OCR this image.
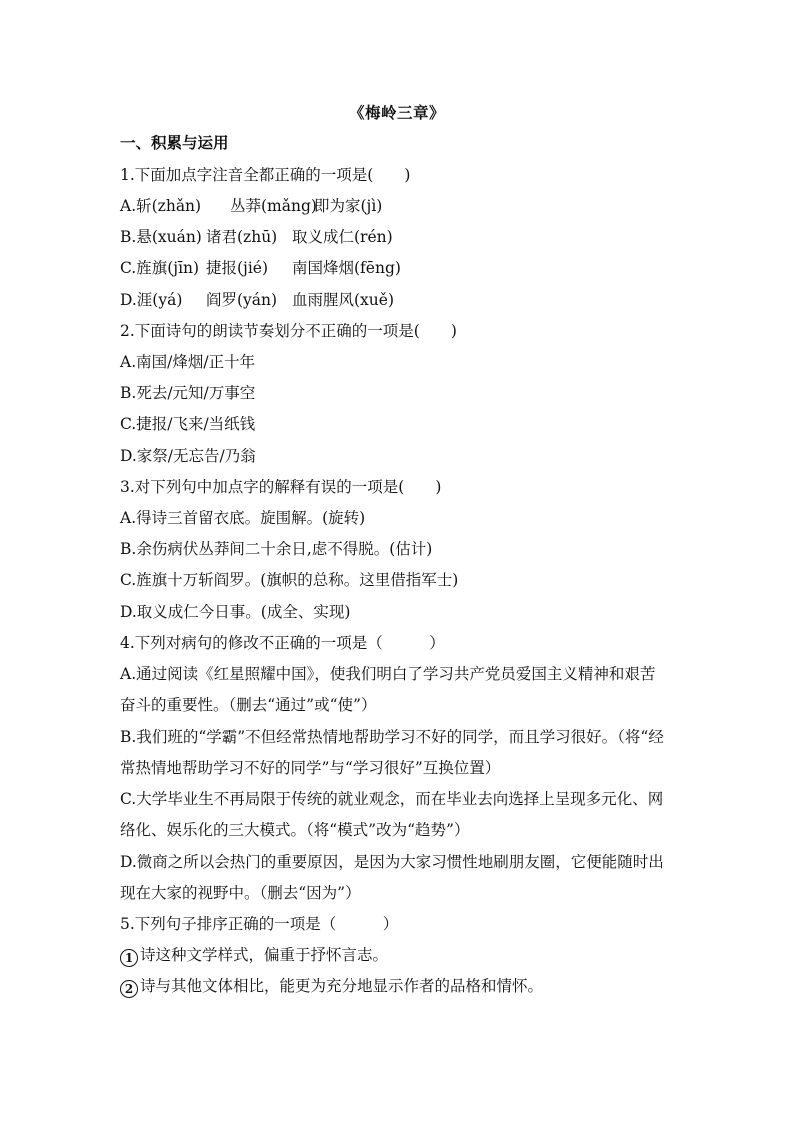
《梅岭三章》
一、积累与运用
1.下面加点字注音全都正确的一项是(　　)
A.斩(zhǎn) 丛莽(mǎng)即为家(jì)
B.悬(xuán) 诸君(zhū) 取义成仁(rén)
C.旌旗(jīn) 捷报(jié) 南国烽烟(fēng)
D.涯(yá) 阎罗(yán) 血雨腥风(xuě)
2.下面诗句的朗读节奏划分不正确的一项是(　　)
A.南国/烽烟/正十年
B.死去/元知/万事空
C.捷报/飞来/当纸钱
D.家祭/无忘告/乃翁
3.对下列句中加点字的解释有误的一项是(　　)
A.得诗三首留衣底。旋围解。(旋转)
B.余伤病伏丛莽间二十余日,虑不得脱。(估计)
C.旌旗十万斩阎罗。(旗帜的总称。这里借指军士)
D.取义成仁今日事。(成全、实现)
4.下列对病句的修改不正确的一项是（　　　）
A.通过阅读《红星照耀中国》，使我们明白了学习共产党员爱国主义精神和艰苦
奋斗的重要性。（删去“通过”或“使”）
B.我们班的“学霸”不但经常热情地帮助学习不好的同学，而且学习很好。（将“经
常热情地帮助学习不好的同学”与“学习很好”互换位置）
C.大学毕业生不再局限于传统的就业观念，而在毕业去向选择上呈现多元化、网
络化、娱乐化的三大模式。（将“模式”改为“趋势”）
D.微商之所以会热门的重要原因，是因为大家习惯性地刷朋友圈，它便能随时出
现在大家的视野中。（删去“因为”）
5.下列句子排序正确的一项是（　　　）
1 诗这种文学样式，偏重于抒怀言志。
2 诗与其他文体相比，能更为充分地显示作者的品格和情怀。
